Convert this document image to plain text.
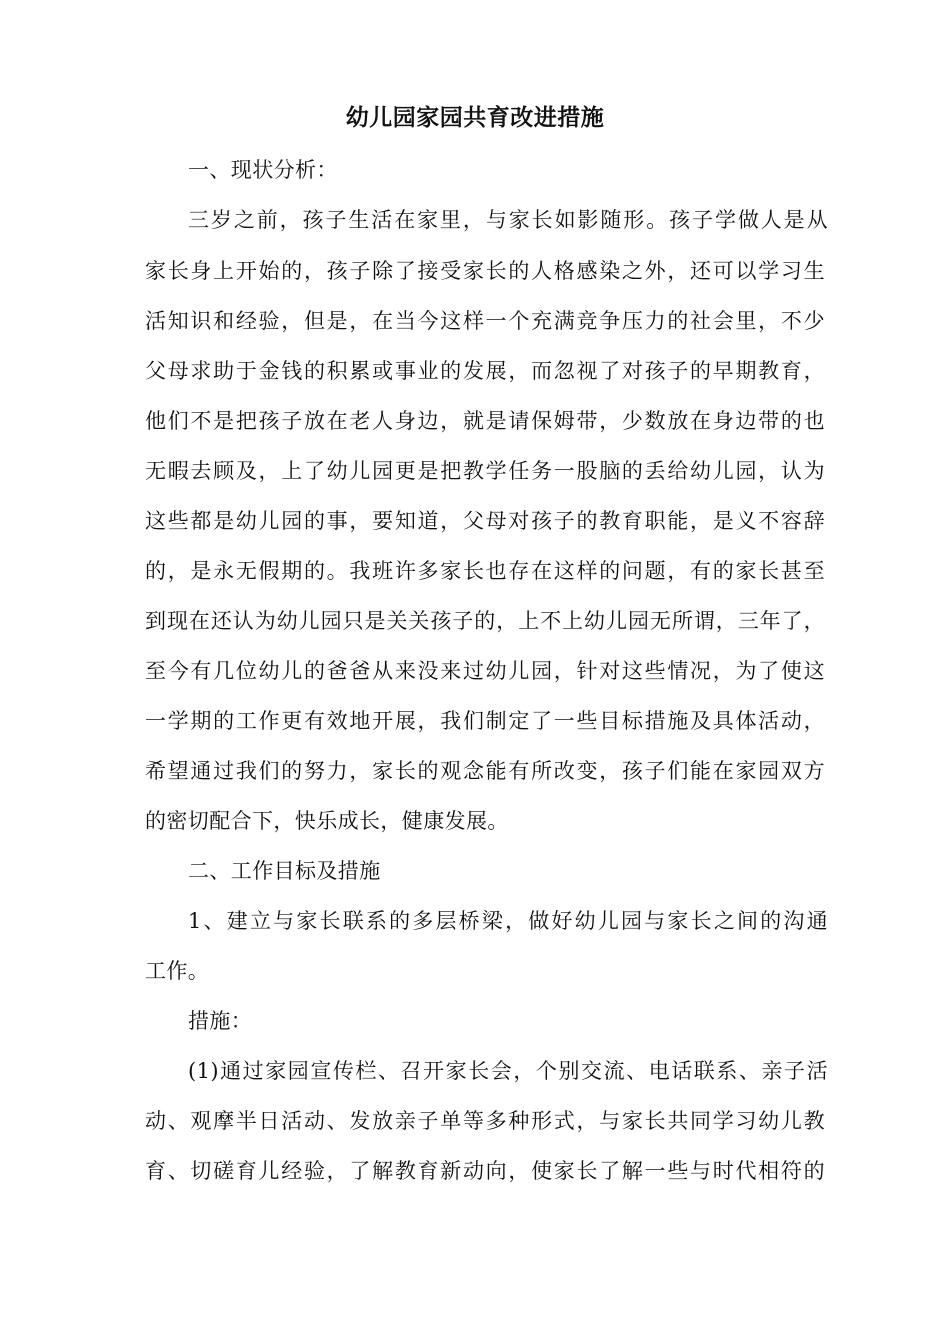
幼儿园家园共育改进措施
一、现状分析：
三岁之前，孩子生活在家里，与家长如影随形。孩子学做人是从
家长身上开始的，孩子除了接受家长的人格感染之外，还可以学习生
活知识和经验，但是，在当今这样一个充满竞争压力的社会里，不少
父母求助于金钱的积累或事业的发展，而忽视了对孩子的早期教育，
他们不是把孩子放在老人身边，就是请保姆带，少数放在身边带的也
无暇去顾及，上了幼儿园更是把教学任务一股脑的丢给幼儿园，认为
这些都是幼儿园的事，要知道，父母对孩子的教育职能，是义不容辞
的，是永无假期的。我班许多家长也存在这样的问题，有的家长甚至
到现在还认为幼儿园只是关关孩子的，上不上幼儿园无所谓，三年了，
至今有几位幼儿的爸爸从来没来过幼儿园，针对这些情况，为了使这
一学期的工作更有效地开展，我们制定了一些目标措施及具体活动，
希望通过我们的努力，家长的观念能有所改变，孩子们能在家园双方
的密切配合下，快乐成长，健康发展。
二、工作目标及措施
1、建立与家长联系的多层桥梁，做好幼儿园与家长之间的沟通
工作。
措施：
(1)通过家园宣传栏、召开家长会，个别交流、电话联系、亲子活
动、观摩半日活动、发放亲子单等多种形式，与家长共同学习幼儿教
育、切磋育儿经验，了解教育新动向，使家长了解一些与时代相符的
